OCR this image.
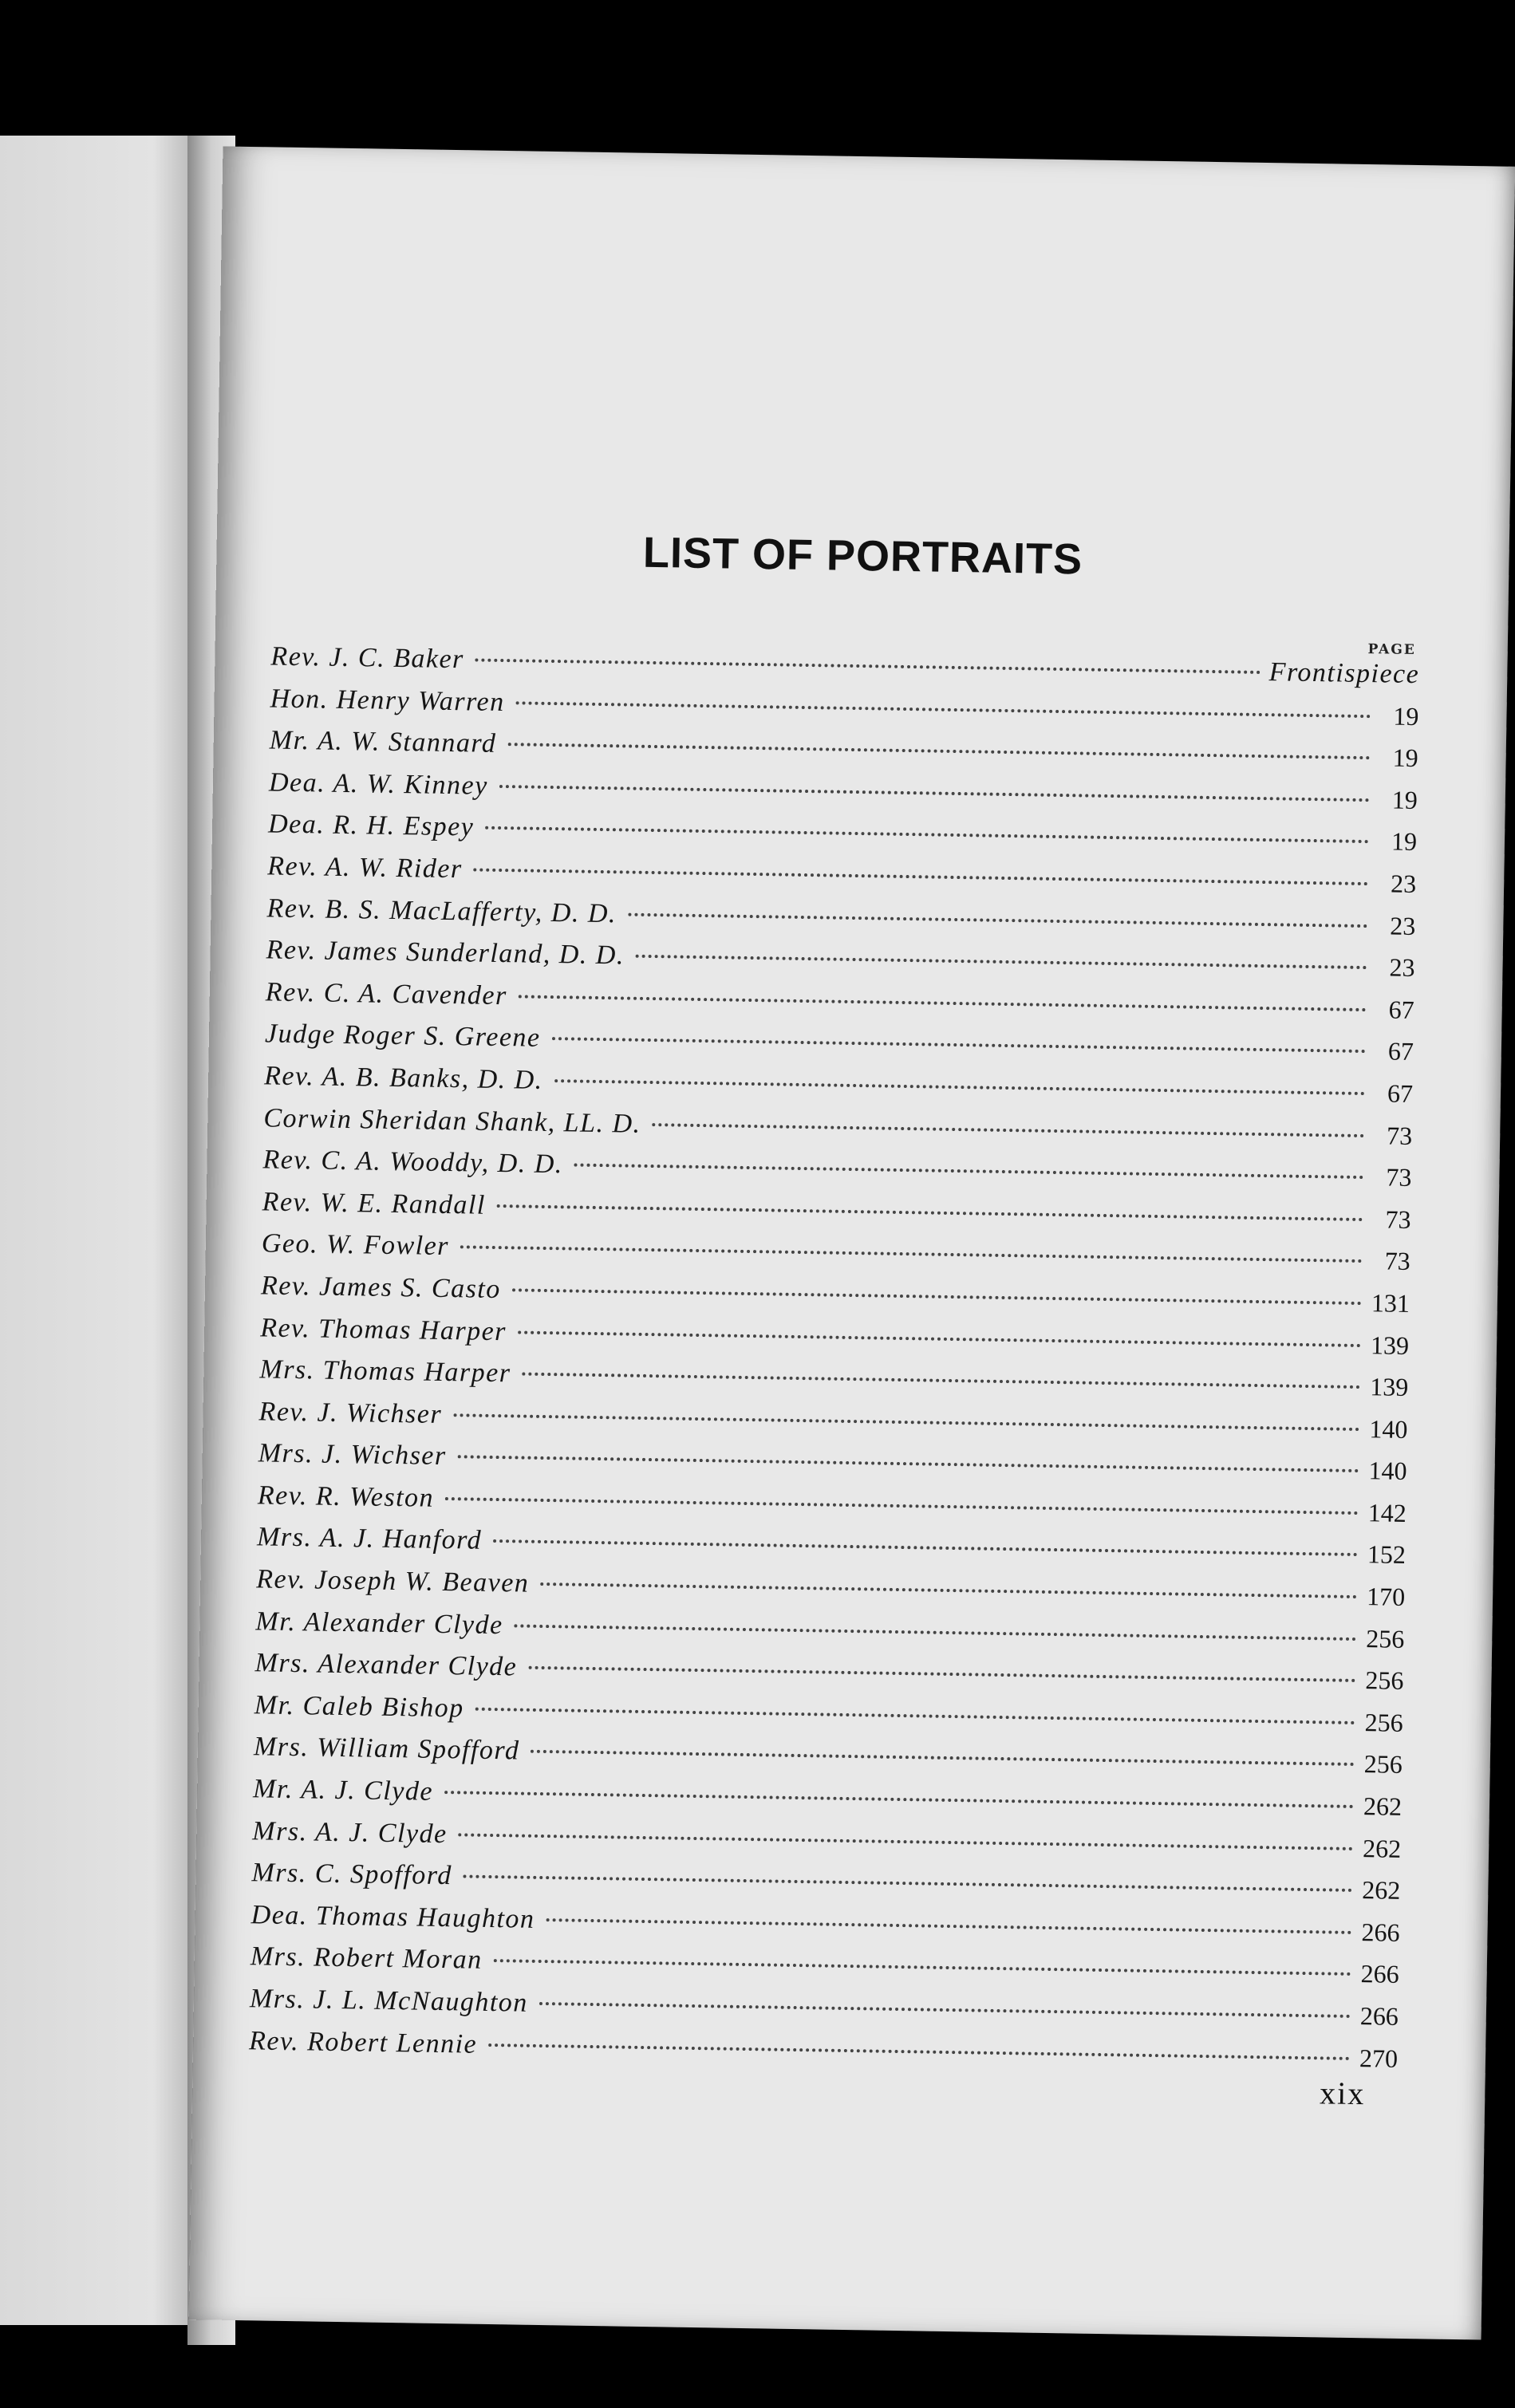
LIST OF PORTRAITS
PAGE
Rev. J. C. Baker	Frontispiece
Hon. Henry Warren	19
Mr. A. W. Stannard	19
Dea. A. W. Kinney	19
Dea. R. H. Espey	19
Rev. A. W. Rider	23
Rev. B. S. MacLafferty, D. D.	23
Rev. James Sunderland, D. D.	23
Rev. C. A. Cavender	67
Judge Roger S. Greene	67
Rev. A. B. Banks, D. D.	67
Corwin Sheridan Shank, LL. D.	73
Rev. C. A. Wooddy, D. D.	73
Rev. W. E. Randall	73
Geo. W. Fowler	73
Rev. James S. Casto	131
Rev. Thomas Harper	139
Mrs. Thomas Harper	139
Rev. J. Wichser	140
Mrs. J. Wichser	140
Rev. R. Weston	142
Mrs. A. J. Hanford	152
Rev. Joseph W. Beaven	170
Mr. Alexander Clyde	256
Mrs. Alexander Clyde	256
Mr. Caleb Bishop	256
Mrs. William Spofford	256
Mr. A. J. Clyde	262
Mrs. A. J. Clyde	262
Mrs. C. Spofford	262
Dea. Thomas Haughton	266
Mrs. Robert Moran	266
Mrs. J. L. McNaughton	266
Rev. Robert Lennie	270
xix
